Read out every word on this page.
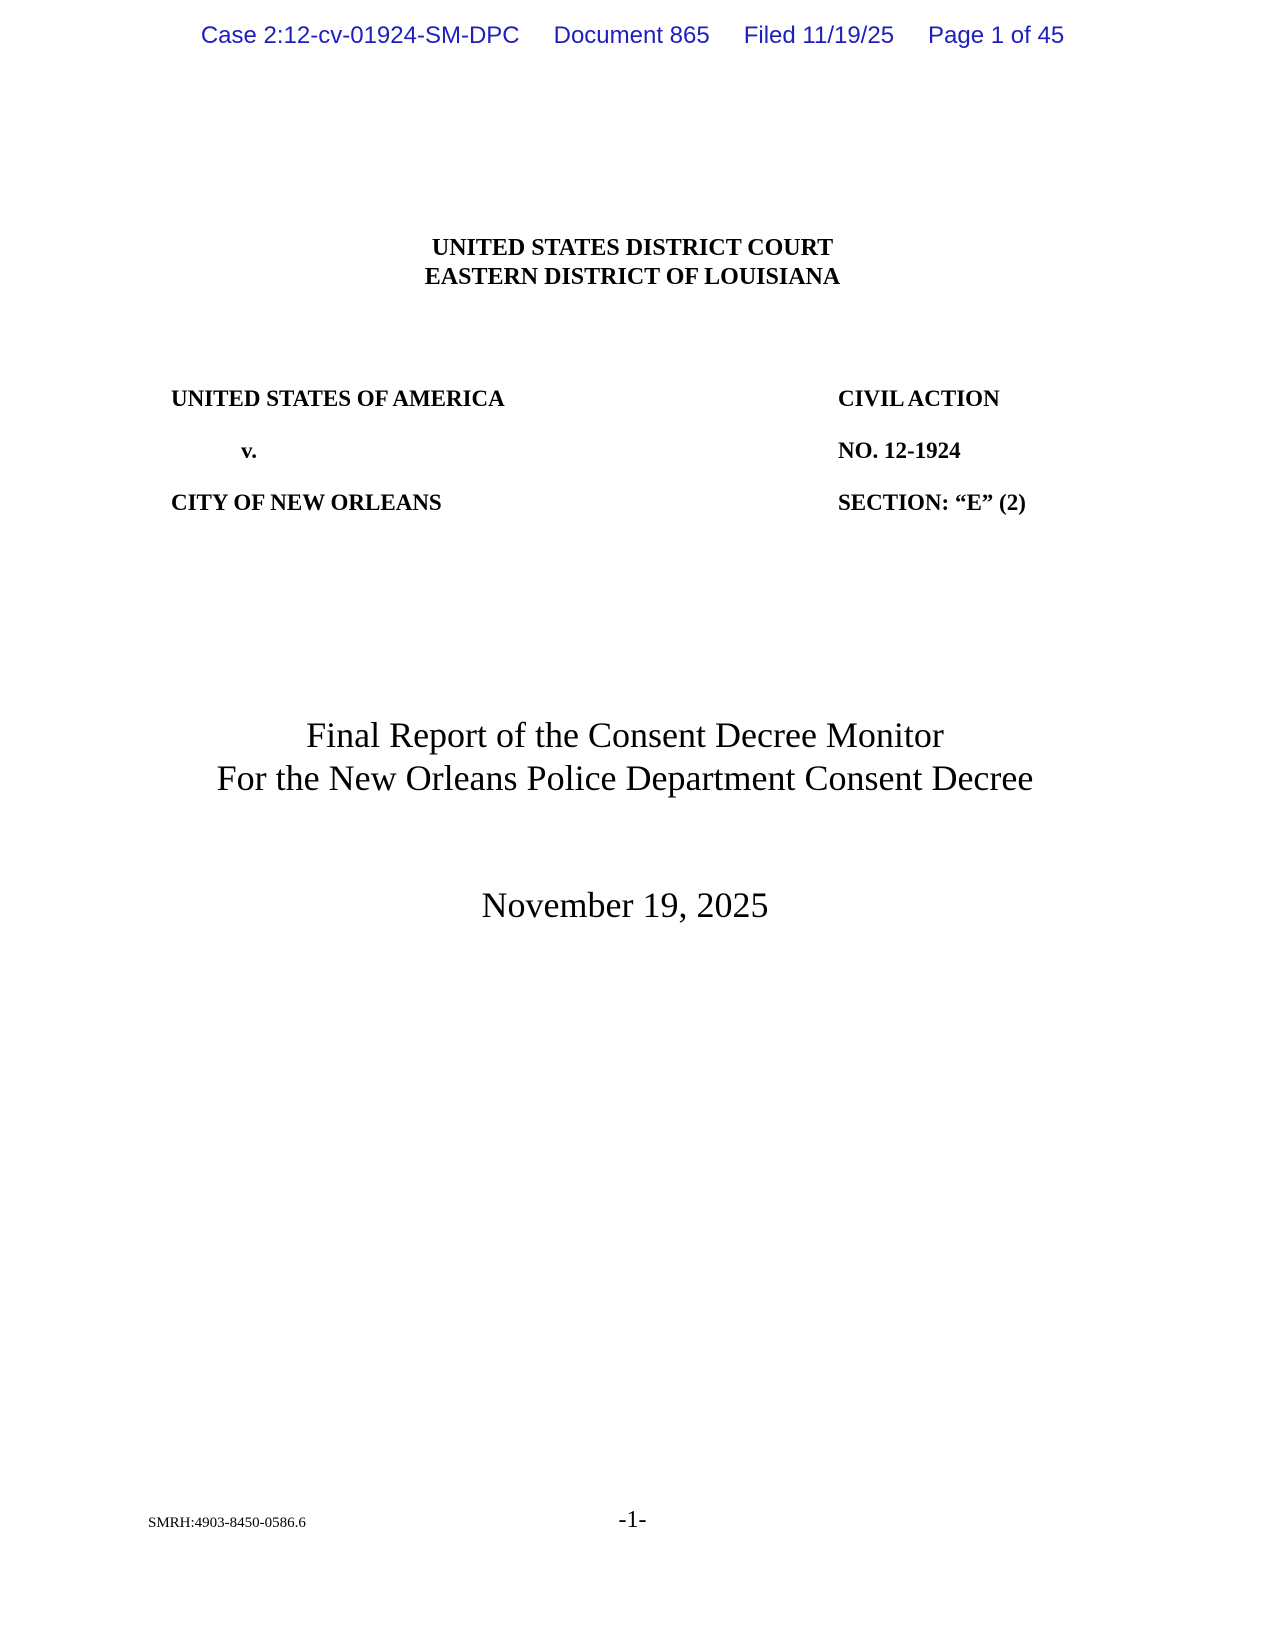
Case 2:12-cv-01924-SM-DPC Document 865 Filed 11/19/25 Page 1 of 45
UNITED STATES DISTRICT COURT
EASTERN DISTRICT OF LOUISIANA
UNITED STATES OF AMERICA
v.
CITY OF NEW ORLEANS
CIVIL ACTION
NO. 12-1924
SECTION: “E” (2)
Final Report of the Consent Decree Monitor
For the New Orleans Police Department Consent Decree
November 19, 2025
SMRH:4903-8450-0586.6	-1-
